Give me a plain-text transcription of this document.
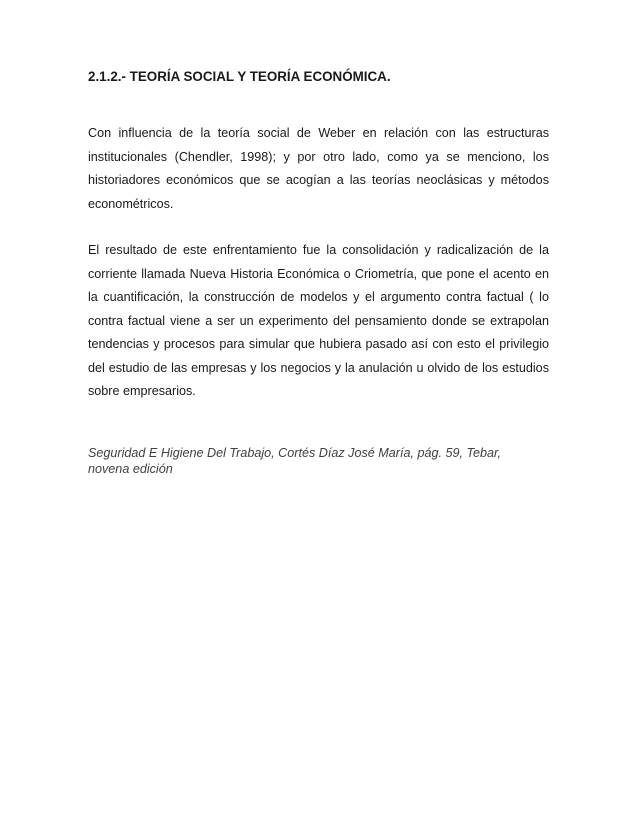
2.1.2.- TEORÍA SOCIAL Y TEORÍA ECONÓMICA.

Con influencia de la teoría social de Weber en relación con las estructuras
institucionales (Chendler, 1998); y por otro lado, como ya se menciono, los
historiadores económicos que se acogían a las teorías neoclásicas y métodos
econométricos.

El resultado de este enfrentamiento fue la consolidación y radicalización de la
corriente llamada Nueva Historia Económica o Criometría, que pone el acento en
la cuantificación, la construcción de modelos y el argumento contra factual ( lo
contra factual viene a ser un experimento del pensamiento donde se extrapolan
tendencias y procesos para simular que hubiera pasado así con esto el privilegio
del estudio de las empresas y los negocios y la anulación u olvido de los estudios
sobre empresarios.

Seguridad E Higiene Del Trabajo, Cortés Díaz José María, pág. 59, Tebar,
novena edición
